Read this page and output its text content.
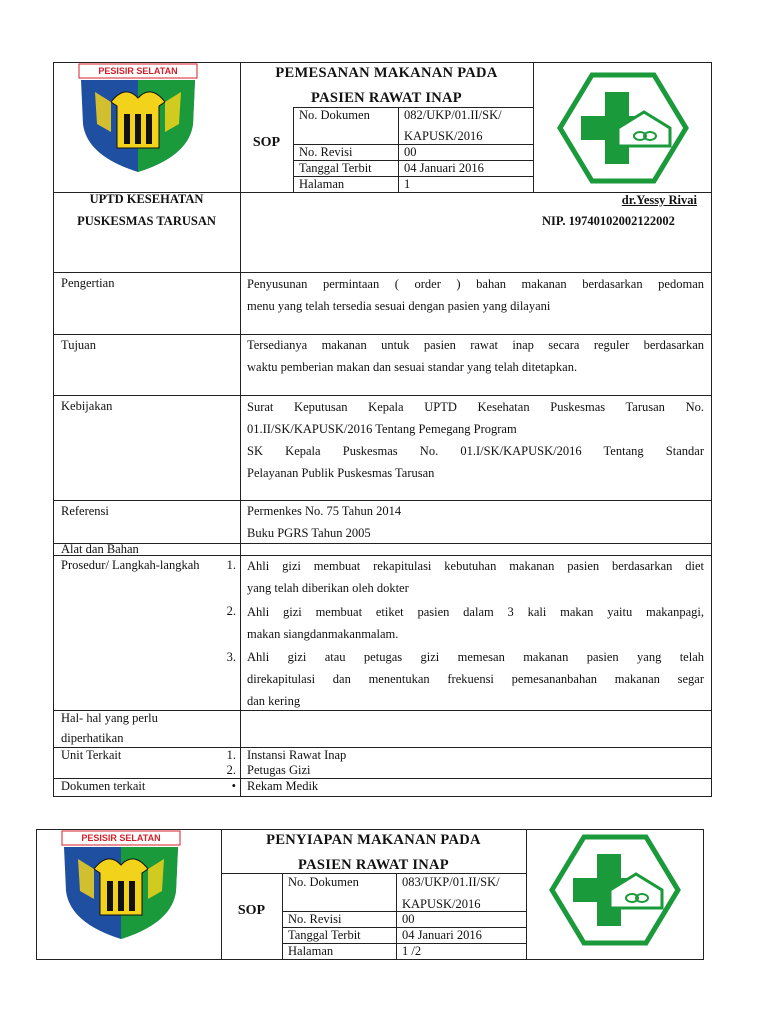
PESISIR SELATAN	PEMESANAN MAKANAN PADA
PASIEN RAWAT INAP
SOP
No. Dokumen	082/UKP/01.II/SK/
KAPUSK/2016
No. Revisi	00
Tanggal Terbit	04 Januari 2016
Halaman	1
UPTD KESEHATAN
PUSKESMAS TARUSAN
dr.Yessy Rivai
NIP. 19740102002122002
Pengertian	Penyusunan permintaan ( order ) bahan makanan berdasarkan pedoman
menu yang telah tersedia sesuai dengan pasien yang dilayani
Tujuan	Tersedianya makanan untuk pasien rawat inap secara reguler berdasarkan
waktu pemberian makan dan sesuai standar yang telah ditetapkan.
Kebijakan	Surat Keputusan Kepala UPTD Kesehatan Puskesmas Tarusan No.
01.II/SK/KAPUSK/2016 Tentang Pemegang Program
SK Kepala Puskesmas No. 01.I/SK/KAPUSK/2016 Tentang Standar
Pelayanan Publik Puskesmas Tarusan
Referensi	Permenkes No. 75 Tahun 2014
Buku PGRS Tahun 2005
Alat dan Bahan
Prosedur/ Langkah-langkah	1. Ahli gizi membuat rekapitulasi kebutuhan makanan pasien berdasarkan diet
yang telah diberikan oleh dokter
2. Ahli gizi membuat etiket pasien dalam 3 kali makan yaitu makanpagi,
makan siangdanmakanmalam.
3. Ahli gizi atau petugas gizi memesan makanan pasien yang telah
direkapitulasi dan menentukan frekuensi pemesananbahan makanan segar
dan kering
Hal- hal yang perlu
diperhatikan
Unit Terkait	1. Instansi Rawat Inap
2. Petugas Gizi
Dokumen terkait	• Rekam Medik
PESISIR SELATAN	PENYIAPAN MAKANAN PADA
PASIEN RAWAT INAP
SOP
No. Dokumen	083/UKP/01.II/SK/
KAPUSK/2016
No. Revisi	00
Tanggal Terbit	04 Januari 2016
Halaman	1 /2
